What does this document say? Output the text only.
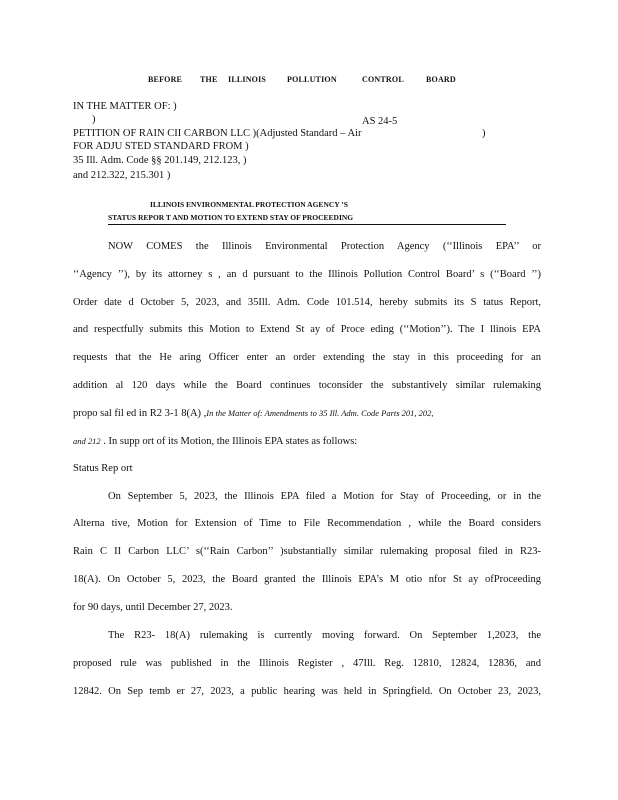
BEFORE THE ILLINOIS	POLLUTION	CONTROL	BOARD
IN THE MATTER OF: )
)	AS 24-5
PETITION OF RAIN CII CARBON LLC )(Adjusted Standard – Air	)
FOR ADJU STED STANDARD FROM )
35 Ill. Adm. Code §§ 201.149, 212.123, )
and 212.322, 215.301 )
ILLINOIS ENVIRONMENTAL PROTECTION AGENCY ’S
STATUS REPOR T AND MOTION TO EXTEND STAY OF PROCEEDING

NOW COMES the Illinois Environmental Protection Agency (‘‘Illinois EPA’’ or

‘‘Agency ’’), by its attorney s , an d pursuant to the Illinois Pollution Control Board’ s (‘‘Board ’’)

Order date d October 5, 2023, and 35Ill. Adm. Code 101.514, hereby submits its S tatus Report,

and respectfully submits this Motion to Extend St ay of Proce eding (‘‘Motion’’). The I llinois EPA

requests that the He aring Officer enter an order extending the stay in this proceeding for an

addition al 120 days while the Board continues toconsider the substantively similar rulemaking

propo sal fil ed in R2 3-1 8(A) ,In the Matter of: Amendments to 35 Ill. Adm. Code Parts 201, 202,

and 212 . In supp ort of its Motion, the Illinois EPA states as follows:

Status Rep ort

On September 5, 2023, the Illinois EPA filed a Motion for Stay of Proceeding, or in the

Alterna tive, Motion for Extension of Time to File Recommendation , while the Board considers

Rain C II Carbon LLC’ s(‘‘Rain Carbon’’ )substantially similar rulemaking proposal filed in R23-

18(A). On October 5, 2023, the Board granted the Illinois EPA’s M otio nfor St ay ofProceeding

for 90 days, until December 27, 2023.

The R23- 18(A) rulemaking is currently moving forward. On September 1,2023, the

proposed rule was published in the Illinois Register , 47Ill. Reg. 12810, 12824, 12836, and

12842. On Sep temb er 27, 2023, a public hearing was held in Springfield. On October 23, 2023,
